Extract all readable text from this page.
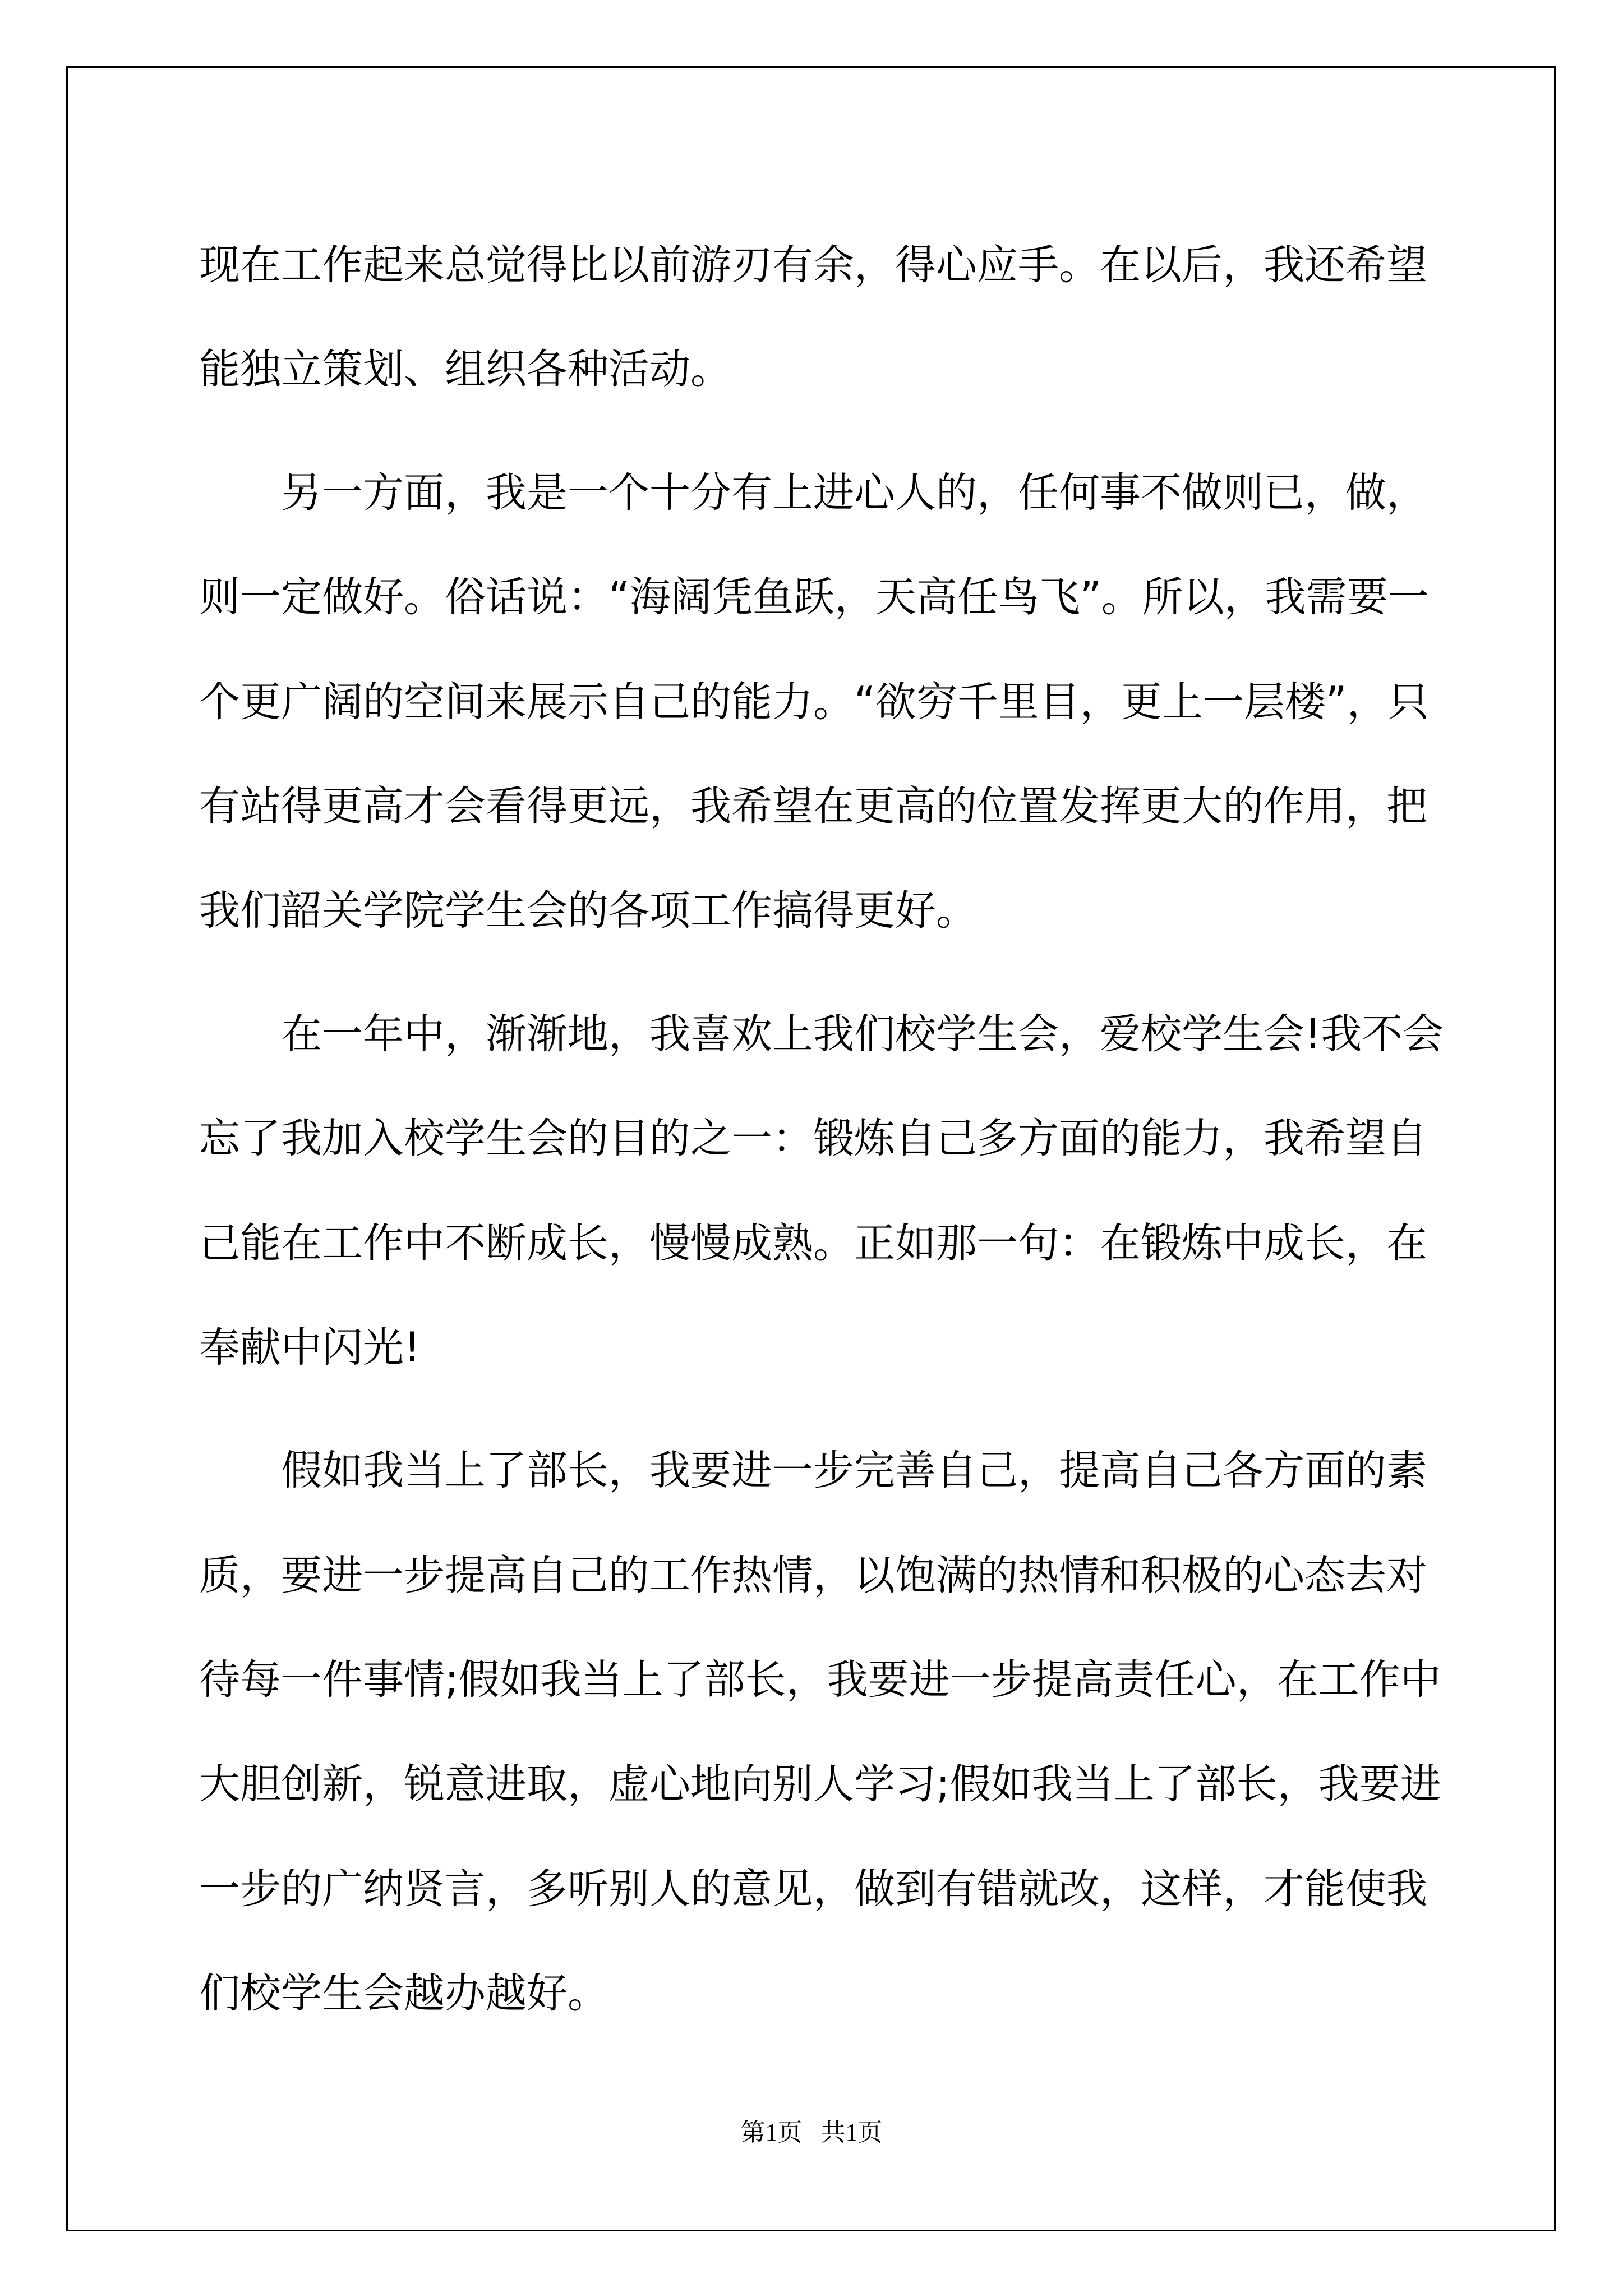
现在工作起来总觉得比以前游刃有余，得心应手。在以后，我还希望
能独立策划、组织各种活动。

另一方面，我是一个十分有上进心人的，任何事不做则已，做，
则一定做好。俗话说：“海阔凭鱼跃，天高任鸟飞”。所以，我需要一
个更广阔的空间来展示自己的能力。“欲穷千里目，更上一层楼”，只
有站得更高才会看得更远，我希望在更高的位置发挥更大的作用，把
我们韶关学院学生会的各项工作搞得更好。

在一年中，渐渐地，我喜欢上我们校学生会，爱校学生会!我不会
忘了我加入校学生会的目的之一：锻炼自己多方面的能力，我希望自
己能在工作中不断成长，慢慢成熟。正如那一句：在锻炼中成长，在
奉献中闪光!

假如我当上了部长，我要进一步完善自己，提高自己各方面的素
质，要进一步提高自己的工作热情，以饱满的热情和积极的心态去对
待每一件事情;假如我当上了部长，我要进一步提高责任心，在工作中
大胆创新，锐意进取，虚心地向别人学习;假如我当上了部长，我要进
一步的广纳贤言，多听别人的意见，做到有错就改，这样，才能使我
们校学生会越办越好。

第1页   共1页
